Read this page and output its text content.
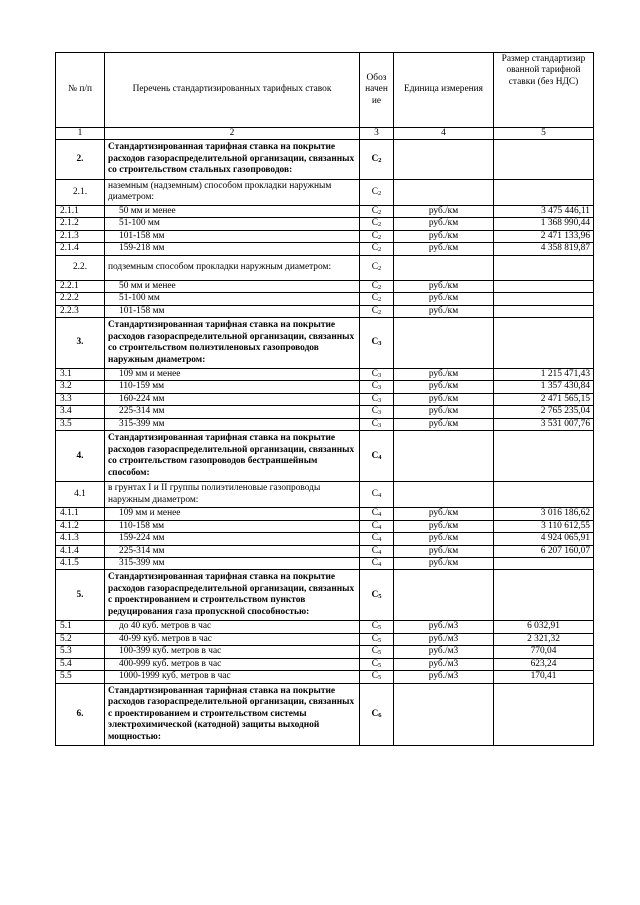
№ п/п	Перечень стандартизированных тарифных ставок	Обоз начен ие	Единица измерения	Размер стандартизир ованной тарифной ставки (без НДС)
1	2	3	4	5
2.	Стандартизированная тарифная ставка на покрытие расходов газораспределительной организации, связанных со строительством стальных газопроводов:	$C_2$		
2.1.	наземным (надземным) способом прокладки наружным диаметром:	$C_2$		
2.1.1	50 мм и менее	$C_2$	руб./км	3 475 446,11
2.1.2	51-100 мм	$C_2$	руб./км	1 368 990,44
2.1.3	101-158 мм	$C_2$	руб./км	2 471 133,96
2.1.4	159-218 мм	$C_2$	руб./км	4 358 819,87
2.2.	подземным способом прокладки наружным диаметром:	$C_2$		
2.2.1	50 мм и менее	$C_2$	руб./км	
2.2.2	51-100 мм	$C_2$	руб./км	
2.2.3	101-158 мм	$C_2$	руб./км	
3.	Стандартизированная тарифная ставка на покрытие расходов газораспределительной организации, связанных со строительством полиэтиленовых газопроводов наружным диаметром:	$C_3$		
3.1	109 мм и менее	$C_3$	руб./км	1 215 471,43
3.2	110-159 мм	$C_3$	руб./км	1 357 430,84
3.3	160-224 мм	$C_3$	руб./км	2 471 565,15
3.4	225-314 мм	$C_3$	руб./км	2 765 235,04
3.5	315-399 мм	$C_3$	руб./км	3 531 007,76
4.	Стандартизированная тарифная ставка на покрытие расходов газораспределительной организации, связанных со строительством газопроводов бестраншейным способом:	$C_4$		
4.1	в грунтах I и II группы полиэтиленовые газопроводы наружным диаметром:	$C_4$		
4.1.1	109 мм и менее	$C_4$	руб./км	3 016 186,62
4.1.2	110-158 мм	$C_4$	руб./км	3 110 612,55
4.1.3	159-224 мм	$C_4$	руб./км	4 924 065,91
4.1.4	225-314 мм	$C_4$	руб./км	6 207 160,07
4.1.5	315-399 мм	$C_4$	руб./км	
5.	Стандартизированная тарифная ставка на покрытие расходов газораспределительной организации, связанных с проектированием и строительством пунктов редуцирования газа пропускной способностью:	$C_5$		
5.1	до 40 куб. метров в час	$C_5$	руб./м3	6 032,91
5.2	40-99 куб. метров в час	$C_5$	руб./м3	2 321,32
5.3	100-399 куб. метров в час	$C_5$	руб./м3	770,04
5.4	400-999 куб. метров в час	$C_5$	руб./м3	623,24
5.5	1000-1999 куб. метров в час	$C_5$	руб./м3	170,41
6.	Стандартизированная тарифная ставка на покрытие расходов газораспределительной организации, связанных с проектированием и строительством системы электрохимической (катодной) защиты выходной мощностью:	$C_6$		
